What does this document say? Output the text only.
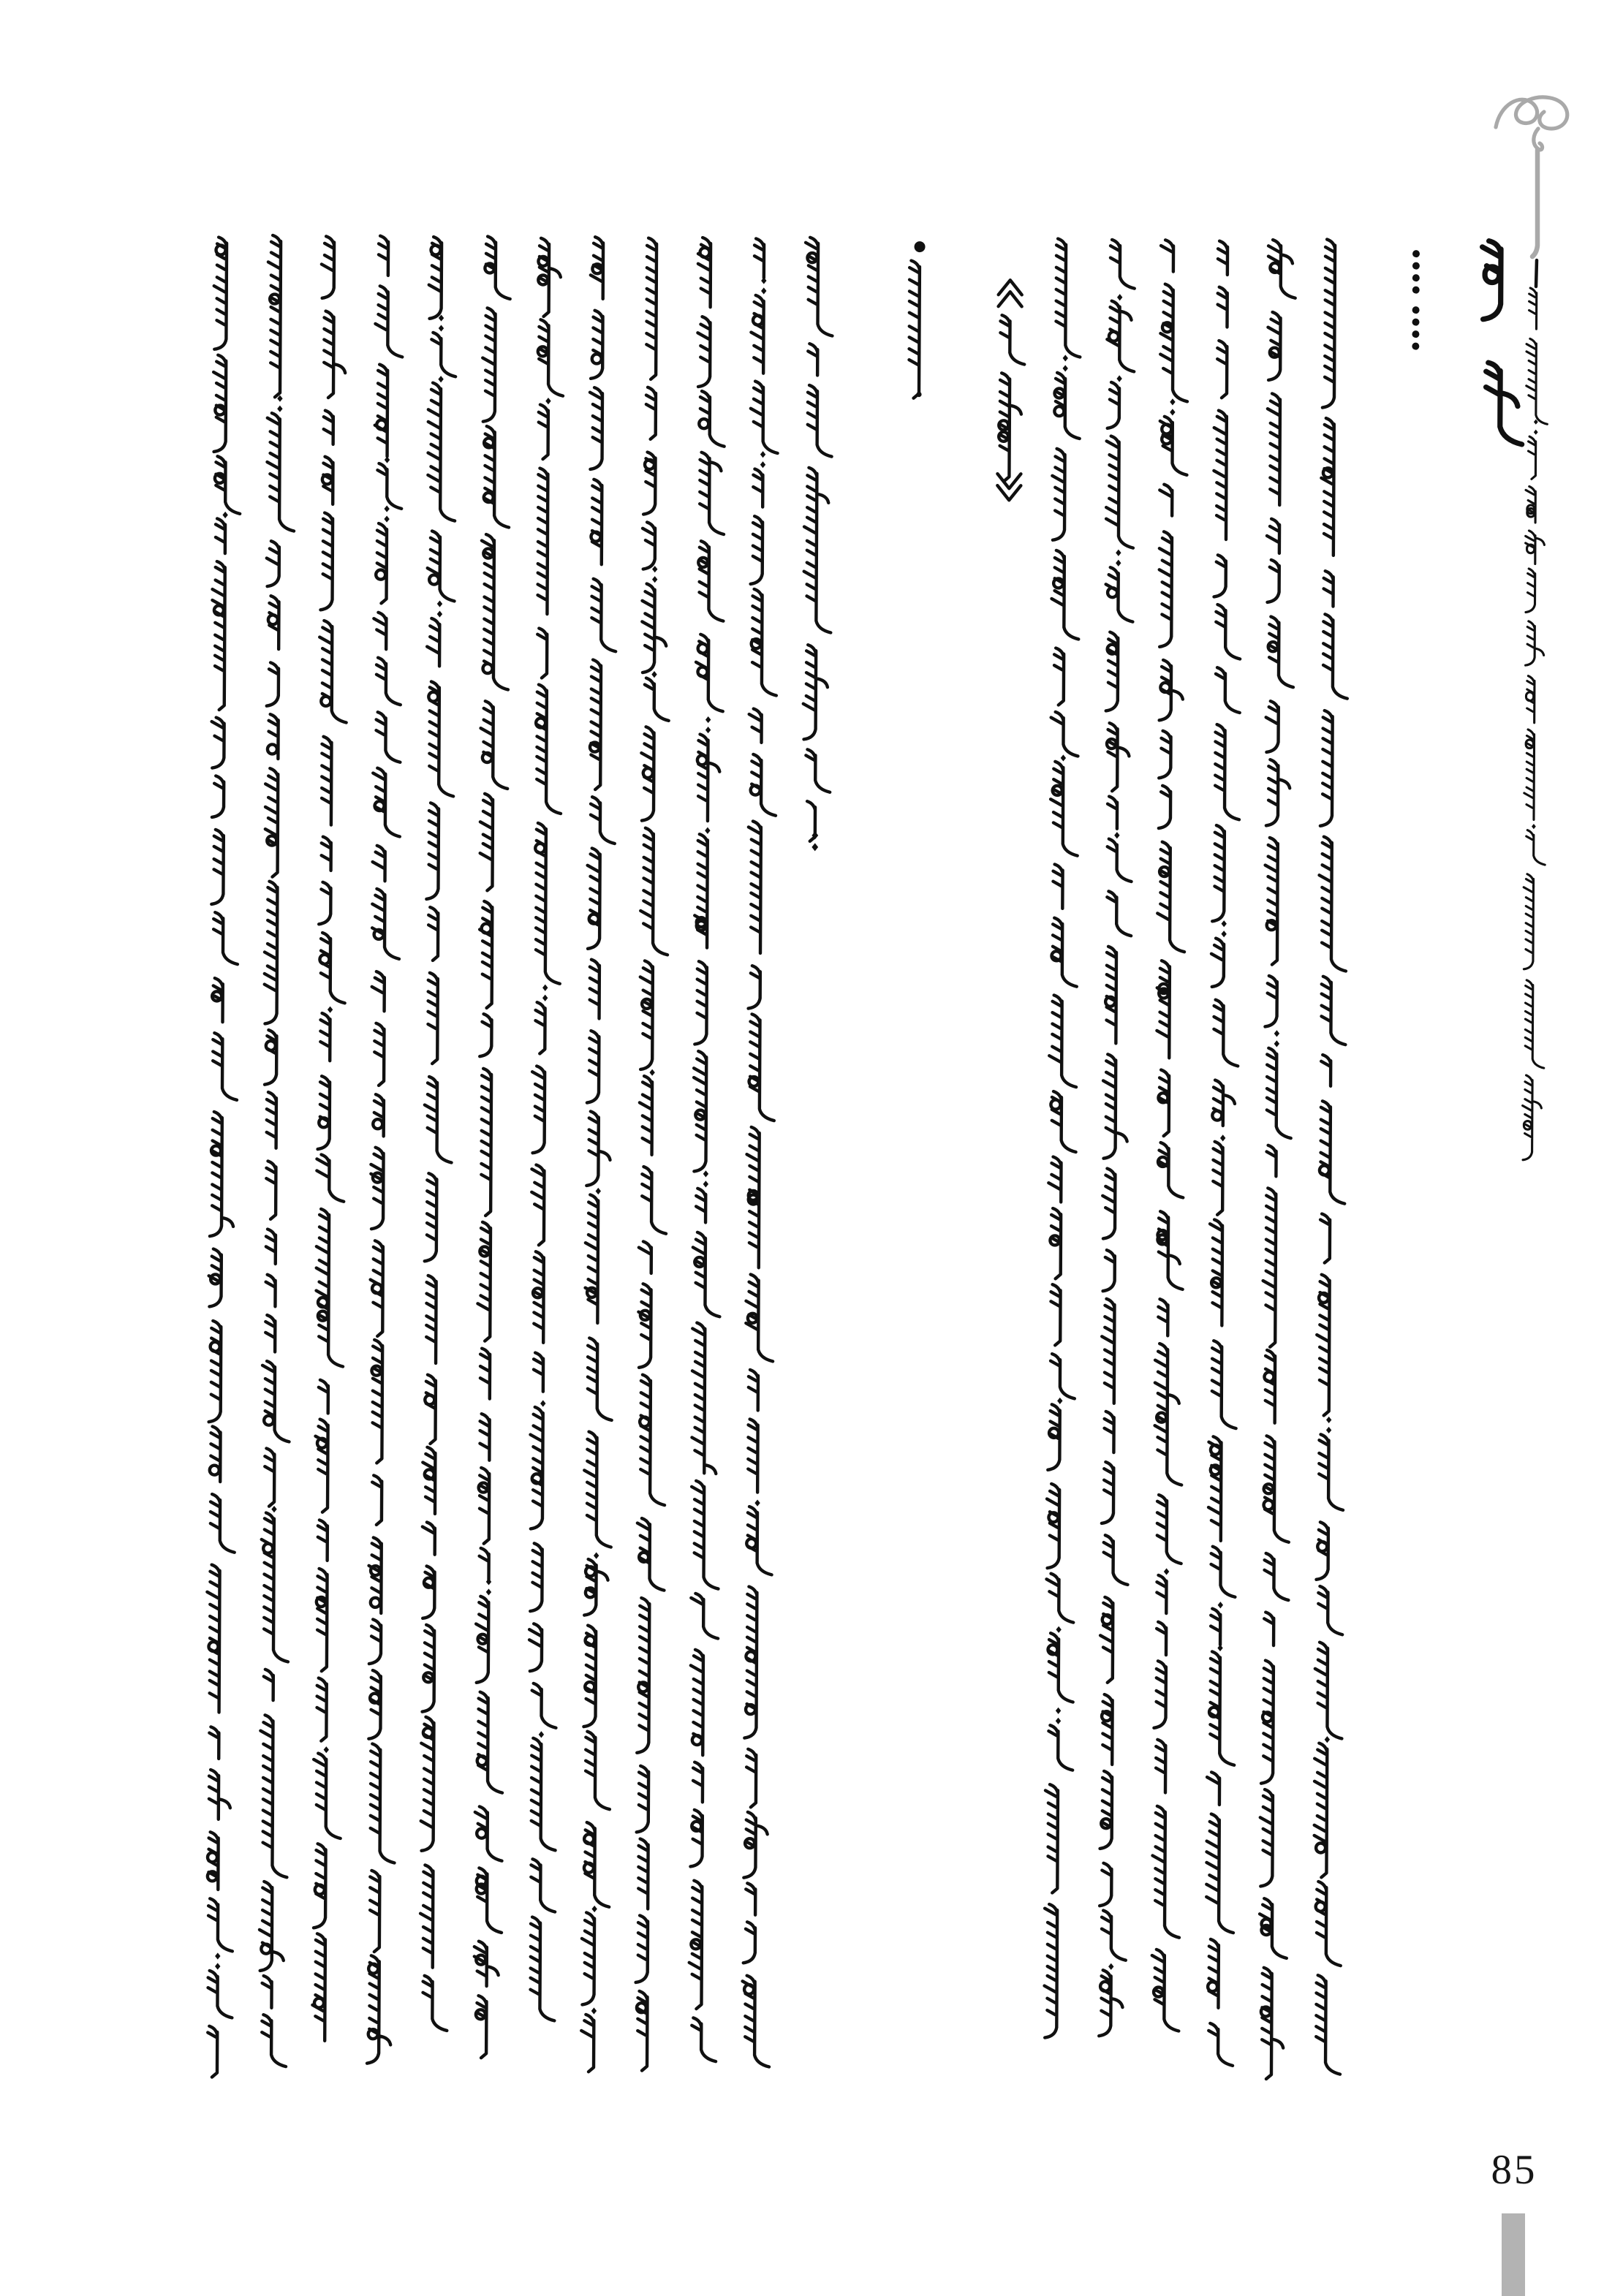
85
